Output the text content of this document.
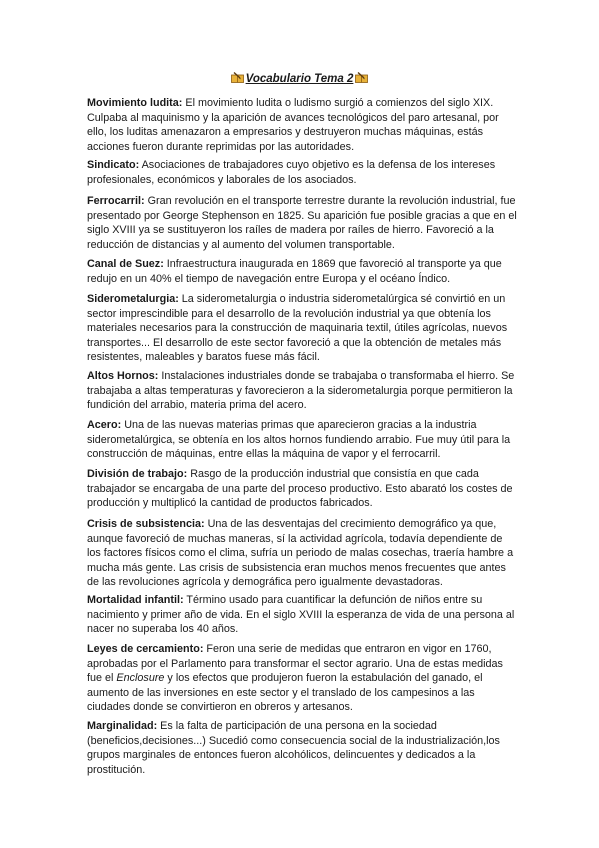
Vocabulario Tema 2
Movimiento ludita: El movimiento ludita o ludismo surgió a comienzos del siglo XIX. Culpaba al maquinismo y la aparición de avances tecnológicos del paro artesanal, por ello, los luditas amenazaron a empresarios y destruyeron muchas máquinas, estás acciones fueron durante reprimidas por las autoridades.
Sindicato: Asociaciones de trabajadores cuyo objetivo es la defensa de los intereses profesionales, económicos y laborales de los asociados.
Ferrocarril: Gran revolución en el transporte terrestre durante la revolución industrial, fue presentado por George Stephenson en 1825. Su aparición fue posible gracias a que en el siglo XVIII ya se sustituyeron los raíles de madera por raíles de hierro. Favoreció a la reducción de distancias y al aumento del volumen transportable.
Canal de Suez: Infraestructura inaugurada en 1869 que favoreció al transporte ya que redujo en un 40% el tiempo de navegación entre Europa y el océano Índico.
Siderometalurgia: La siderometalurgia o industria siderometalúrgica sé convirtió en un sector imprescindible para el desarrollo de la revolución industrial ya que obtenía los materiales necesarios para la construcción de maquinaria textil, útiles agrícolas, nuevos transportes... El desarrollo de este sector favoreció a que la obtención de metales más resistentes, maleables y baratos fuese más fácil.
Altos Hornos: Instalaciones industriales donde se trabajaba o transformaba el hierro. Se trabajaba a altas temperaturas y favorecieron a la siderometalurgia porque permitieron la fundición del arrabio, materia prima del acero.
Acero: Una de las nuevas materias primas que aparecieron gracias a la industria siderometalúrgica, se obtenía en los altos hornos fundiendo arrabio. Fue muy útil para la construcción de máquinas, entre ellas la máquina de vapor y el ferrocarril.
División de trabajo: Rasgo de la producción industrial que consistía en que cada trabajador se encargaba de una parte del proceso productivo. Esto abarató los costes de producción y multiplicó la cantidad de productos fabricados.
Crisis de subsistencia: Una de las desventajas del crecimiento demográfico ya que, aunque favoreció de muchas maneras, sí la actividad agrícola, todavía dependiente de los factores físicos como el clima, sufría un periodo de malas cosechas, traería hambre a mucha más gente. Las crisis de subsistencia eran muchos menos frecuentes que antes de las revoluciones agrícola y demográfica pero igualmente devastadoras.
Mortalidad infantil: Término usado para cuantificar la defunción de niños entre su nacimiento y primer año de vida. En el siglo XVIII la esperanza de vida de una persona al nacer no superaba los 40 años.
Leyes de cercamiento: Feron una serie de medidas que entraron en vigor en 1760, aprobadas por el Parlamento para transformar el sector agrario. Una de estas medidas fue el Enclosure y los efectos que produjeron fueron la estabulación del ganado, el aumento de las inversiones en este sector y el translado de los campesinos a las ciudades donde se convirtieron en obreros y artesanos.
Marginalidad: Es la falta de participación de una persona en la sociedad (beneficios,decisiones...) Sucedió como consecuencia social de la industrialización,los grupos marginales de entonces fueron alcohólicos, delincuentes y dedicados a la prostitución.
